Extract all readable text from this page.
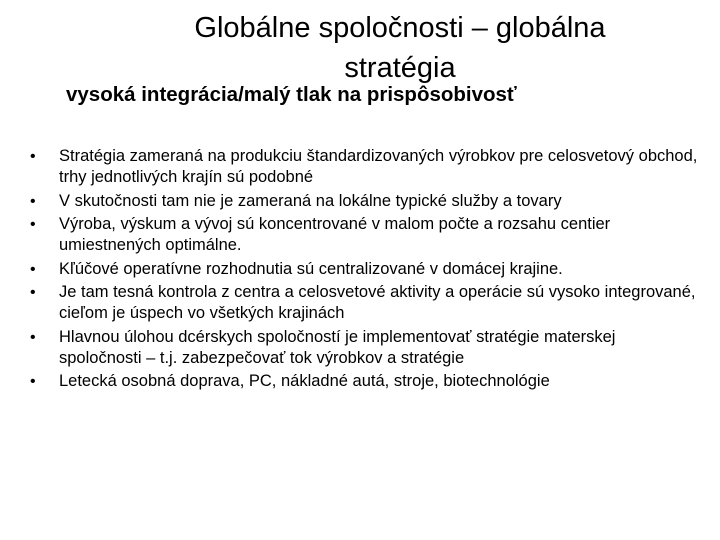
Globálne spoločnosti – globálna stratégia
vysoká integrácia/malý tlak na prispôsobivosť
•	Stratégia zameraná na produkciu štandardizovaných výrobkov pre celosvetový obchod, trhy jednotlivých krajín sú podobné
•	V skutočnosti tam nie je zameraná na lokálne typické služby a tovary
•	Výroba, výskum a vývoj sú koncentrované v malom počte a rozsahu centier umiestnených optimálne.
•	Kľúčové operatívne rozhodnutia sú centralizované v domácej krajine.
•	Je tam tesná kontrola z centra a celosvetové aktivity a operácie sú vysoko integrované, cieľom je úspech vo všetkých krajinách
•	Hlavnou úlohou dcérskych spoločností je implementovať stratégie materskej spoločnosti – t.j. zabezpečovať tok výrobkov a stratégie
•	Letecká osobná doprava, PC, nákladné autá, stroje, biotechnológie
